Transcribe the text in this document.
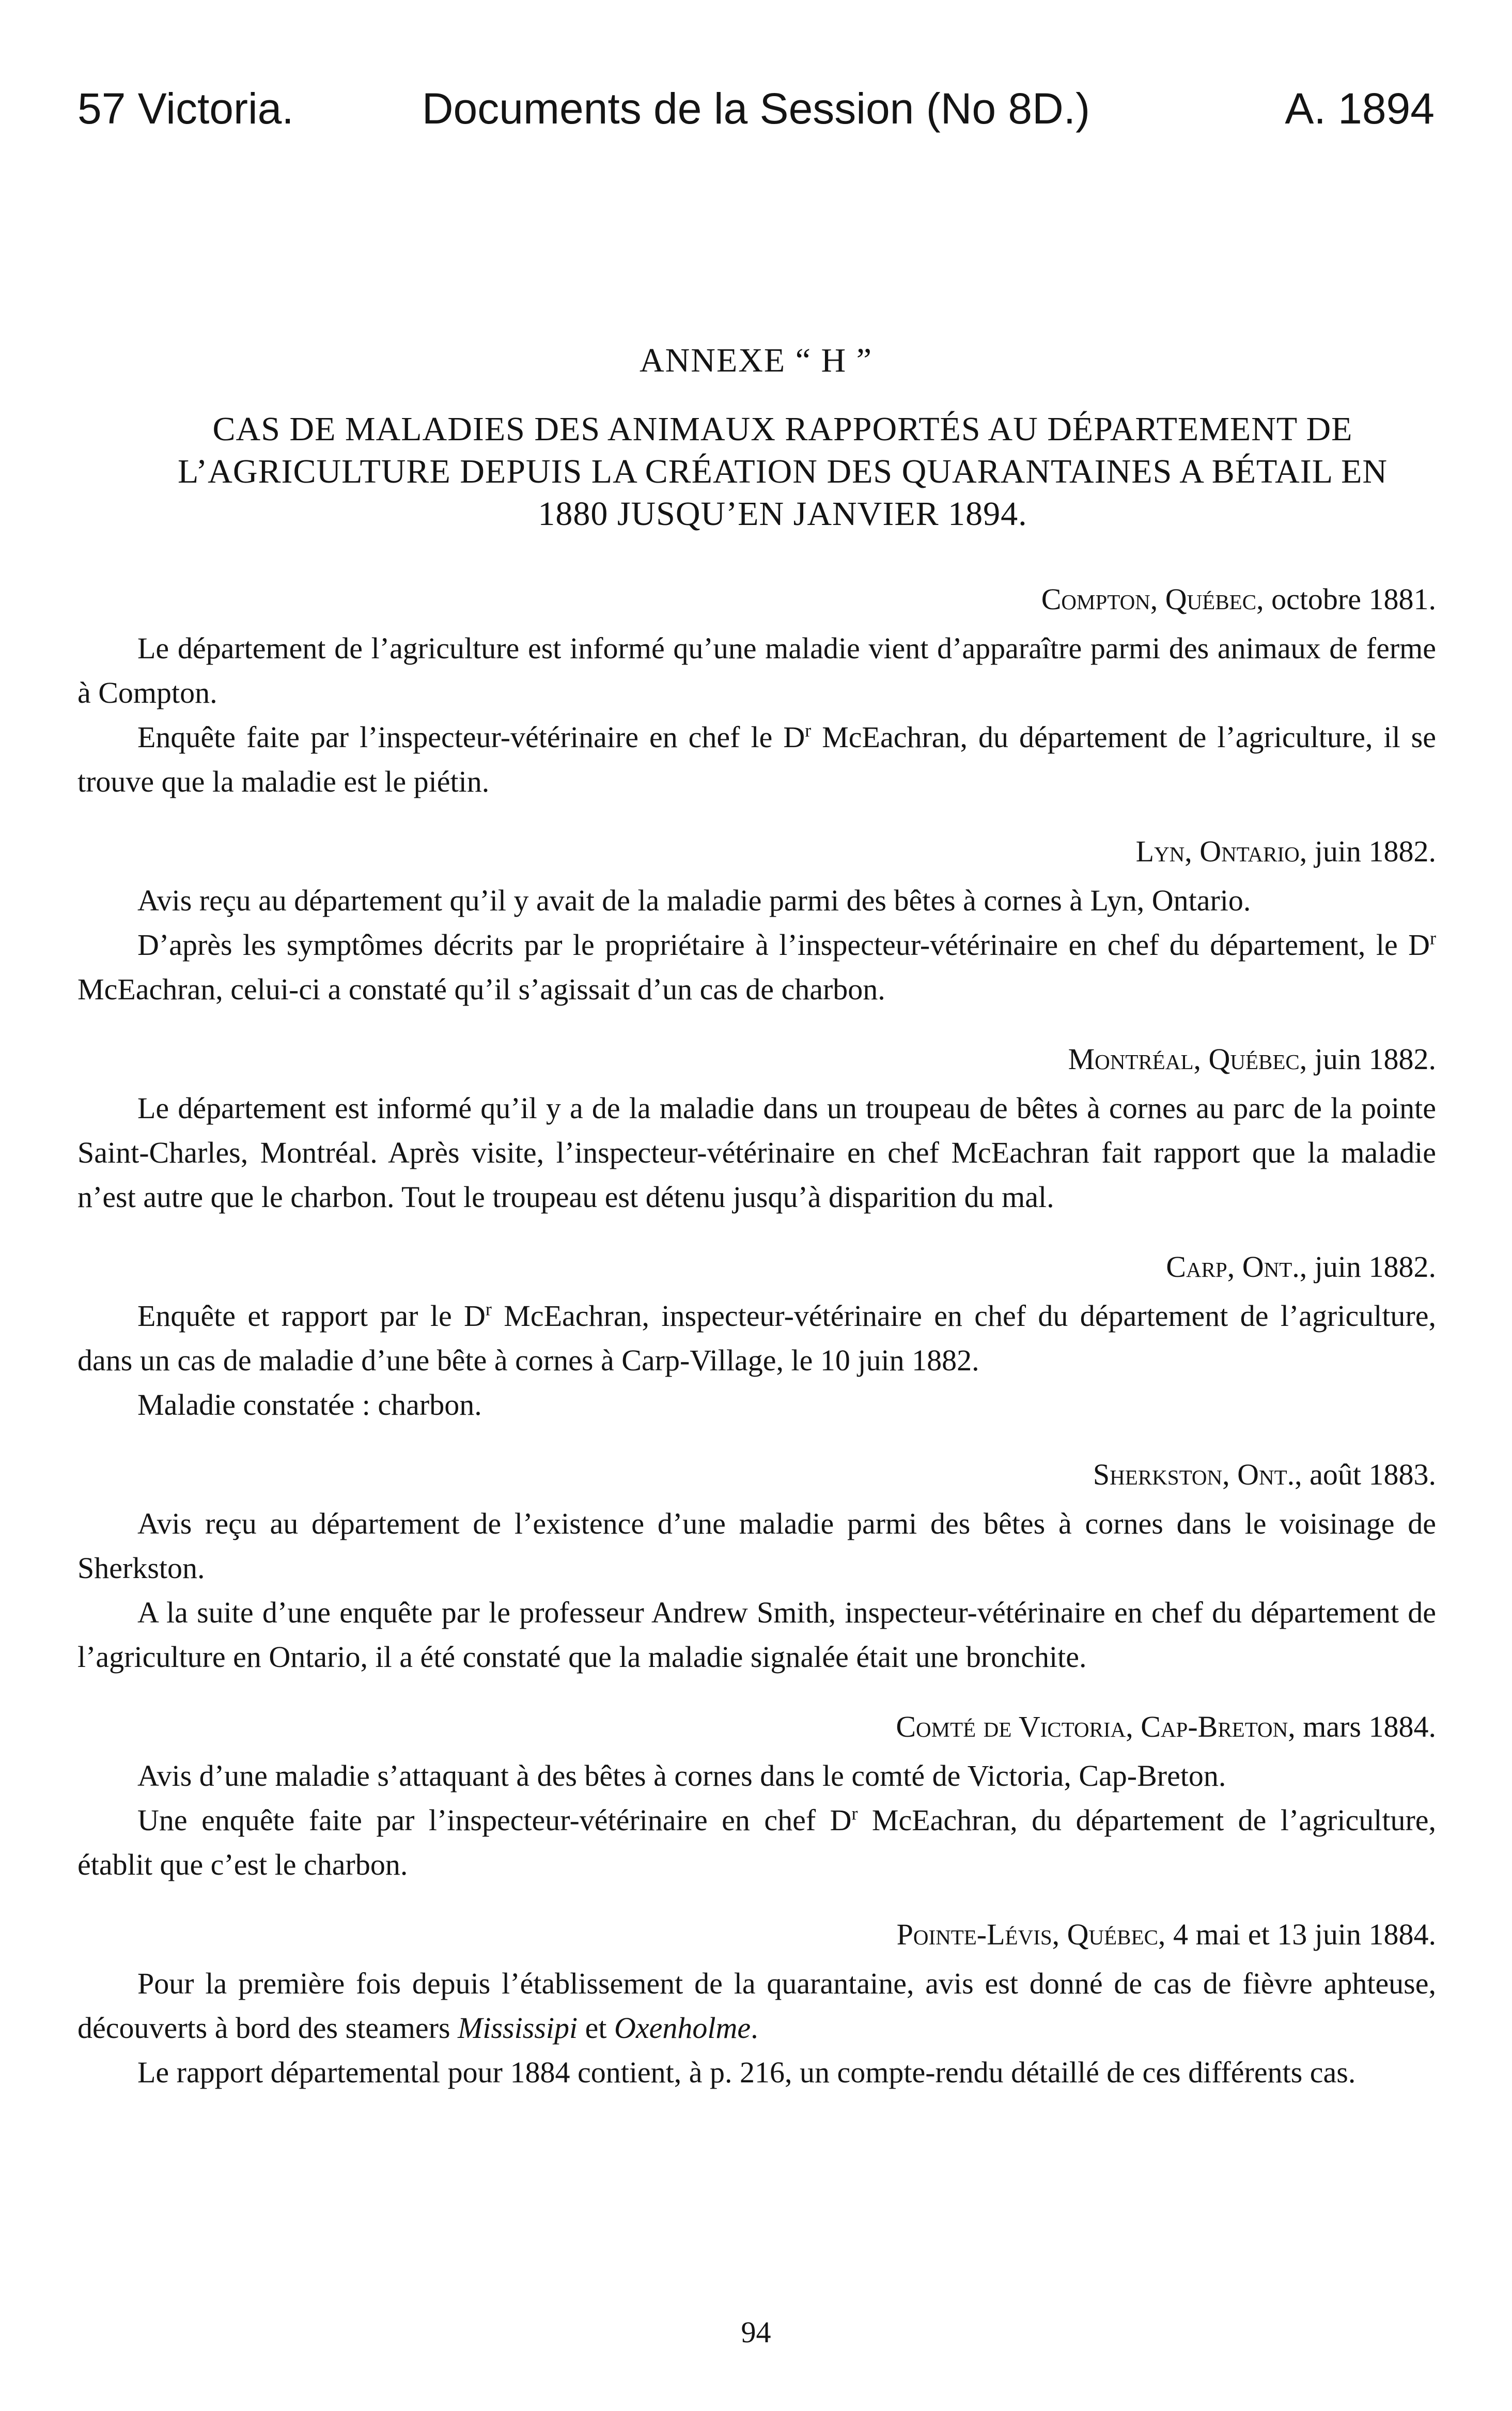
57 Victoria.	Documents de la Session (No 8D.)	A. 1894
ANNEXE “ H ”
CAS DE MALADIES DES ANIMAUX RAPPORTÉS AU DÉPARTEMENT DE L’AGRICULTURE DEPUIS LA CRÉATION DES QUARANTAINES A BÉTAIL EN 1880 JUSQU’EN JANVIER 1894.
Compton, Québec, octobre 1881.

Le département de l’agriculture est informé qu’une maladie vient d’apparaître parmi des animaux de ferme à Compton.

Enquête faite par l’inspecteur-vétérinaire en chef le $D^r$ McEachran, du département de l’agriculture, il se trouve que la maladie est le piétin.

Lyn, Ontario, juin 1882.

Avis reçu au département qu’il y avait de la maladie parmi des bêtes à cornes à Lyn, Ontario.

D’après les symptômes décrits par le propriétaire à l’inspecteur-vétérinaire en chef du département, le $D^r$ McEachran, celui-ci a constaté qu’il s’agissait d’un cas de charbon.

Montréal, Québec, juin 1882.

Le département est informé qu’il y a de la maladie dans un troupeau de bêtes à cornes au parc de la pointe Saint-Charles, Montréal. Après visite, l’inspecteur-vétérinaire en chef McEachran fait rapport que la maladie n’est autre que le charbon. Tout le troupeau est détenu jusqu’à disparition du mal.

Carp, Ont., juin 1882.

Enquête et rapport par le $D^r$ McEachran, inspecteur-vétérinaire en chef du département de l’agriculture, dans un cas de maladie d’une bête à cornes à Carp-Village, le 10 juin 1882.

Maladie constatée : charbon.

Sherkston, Ont., août 1883.

Avis reçu au département de l’existence d’une maladie parmi des bêtes à cornes dans le voisinage de Sherkston.

A la suite d’une enquête par le professeur Andrew Smith, inspecteur-vétérinaire en chef du département de l’agriculture en Ontario, il a été constaté que la maladie signalée était une bronchite.

Comté de Victoria, Cap-Breton, mars 1884.

Avis d’une maladie s’attaquant à des bêtes à cornes dans le comté de Victoria, Cap-Breton.

Une enquête faite par l’inspecteur-vétérinaire en chef $D^r$ McEachran, du département de l’agriculture, établit que c’est le charbon.

Pointe-Lévis, Québec, 4 mai et 13 juin 1884.

Pour la première fois depuis l’établissement de la quarantaine, avis est donné de cas de fièvre aphteuse, découverts à bord des steamers Mississipi et Oxenholme.

Le rapport départemental pour 1884 contient, à p. 216, un compte-rendu détaillé de ces différents cas.

94
